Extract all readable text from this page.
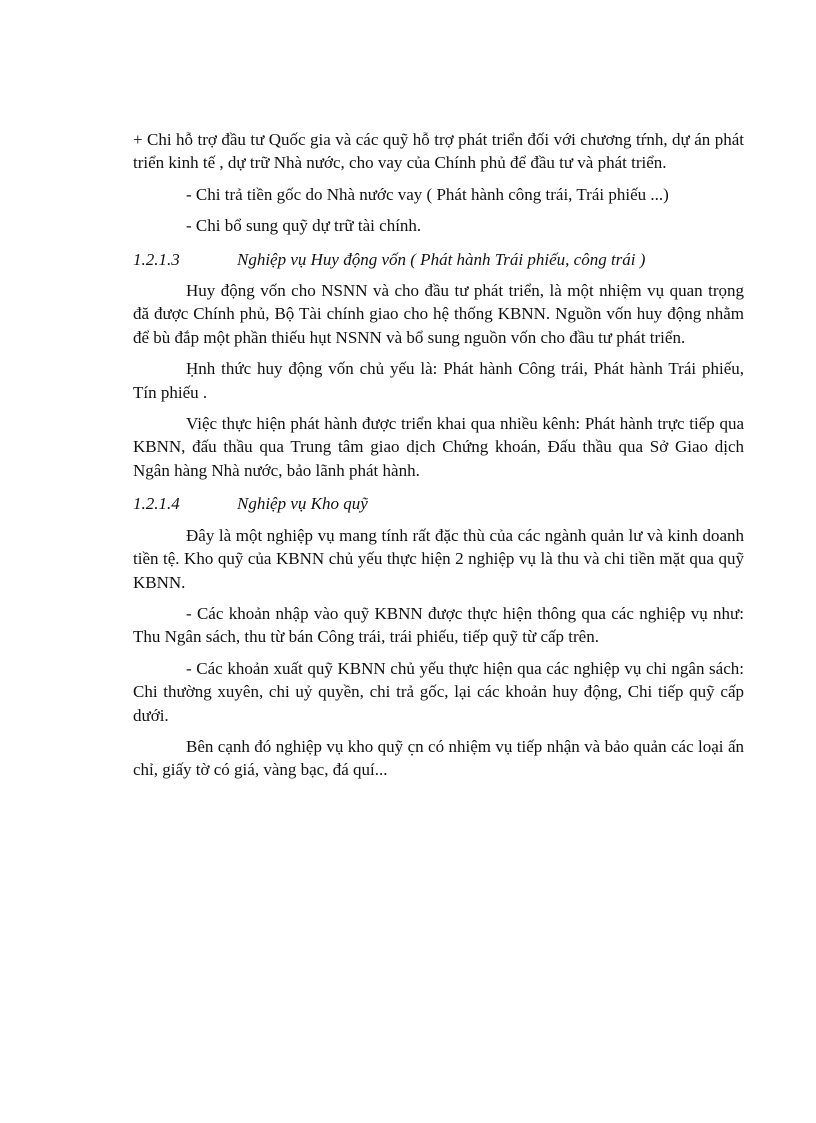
+ Chi hỗ trợ đầu tư Quốc gia và các quỹ hỗ trợ phát triển đối với chương tŕnh, dự án phát triển kinh tế , dự trữ Nhà nước, cho vay của Chính phủ để đầu tư và phát triển.

- Chi trả tiền gốc do Nhà nước vay ( Phát hành công trái, Trái phiếu ...)

- Chi bổ sung quỹ dự trữ tài chính.

1.2.1.3	Nghiệp vụ Huy động vốn ( Phát hành Trái phiếu, công trái )

Huy động vốn cho NSNN và cho đầu tư phát triển, là một nhiệm vụ quan trọng đă được Chính phủ, Bộ Tài chính giao cho hệ thống KBNN. Nguồn vốn huy động nhằm để bù đắp một phần thiếu hụt NSNN và bổ sung nguồn vốn cho đầu tư phát triển.

Ḥnh thức huy động vốn chủ yếu là: Phát hành Công trái, Phát hành Trái phiếu, Tín phiếu .

Việc thực hiện phát hành được triển khai qua nhiều kênh: Phát hành trực tiếp qua KBNN, đấu thầu qua Trung tâm giao dịch Chứng khoán, Đấu thầu qua Sở Giao dịch Ngân hàng Nhà nước, bảo lãnh phát hành.

1.2.1.4	Nghiệp vụ Kho quỹ

Đây là một nghiệp vụ mang tính rất đặc thù của các ngành quản lư và kinh doanh tiền tệ. Kho quỹ của KBNN chủ yếu thực hiện 2 nghiệp vụ là thu và chi tiền mặt qua quỹ KBNN.

- Các khoản nhập vào quỹ KBNN được thực hiện thông qua các nghiệp vụ như: Thu Ngân sách, thu từ bán Công trái, trái phiếu, tiếp quỹ từ cấp trên.

- Các khoản xuất quỹ KBNN chủ yếu thực hiện qua các nghiệp vụ chi ngân sách: Chi thường xuyên, chi uỷ quyền, chi trả gốc, lại các khoản huy động, Chi tiếp quỹ cấp dưới.

Bên cạnh đó nghiệp vụ kho quỹ c̣n có nhiệm vụ tiếp nhận và bảo quản các loại ấn chỉ, giấy tờ có giá, vàng bạc, đá quí...
